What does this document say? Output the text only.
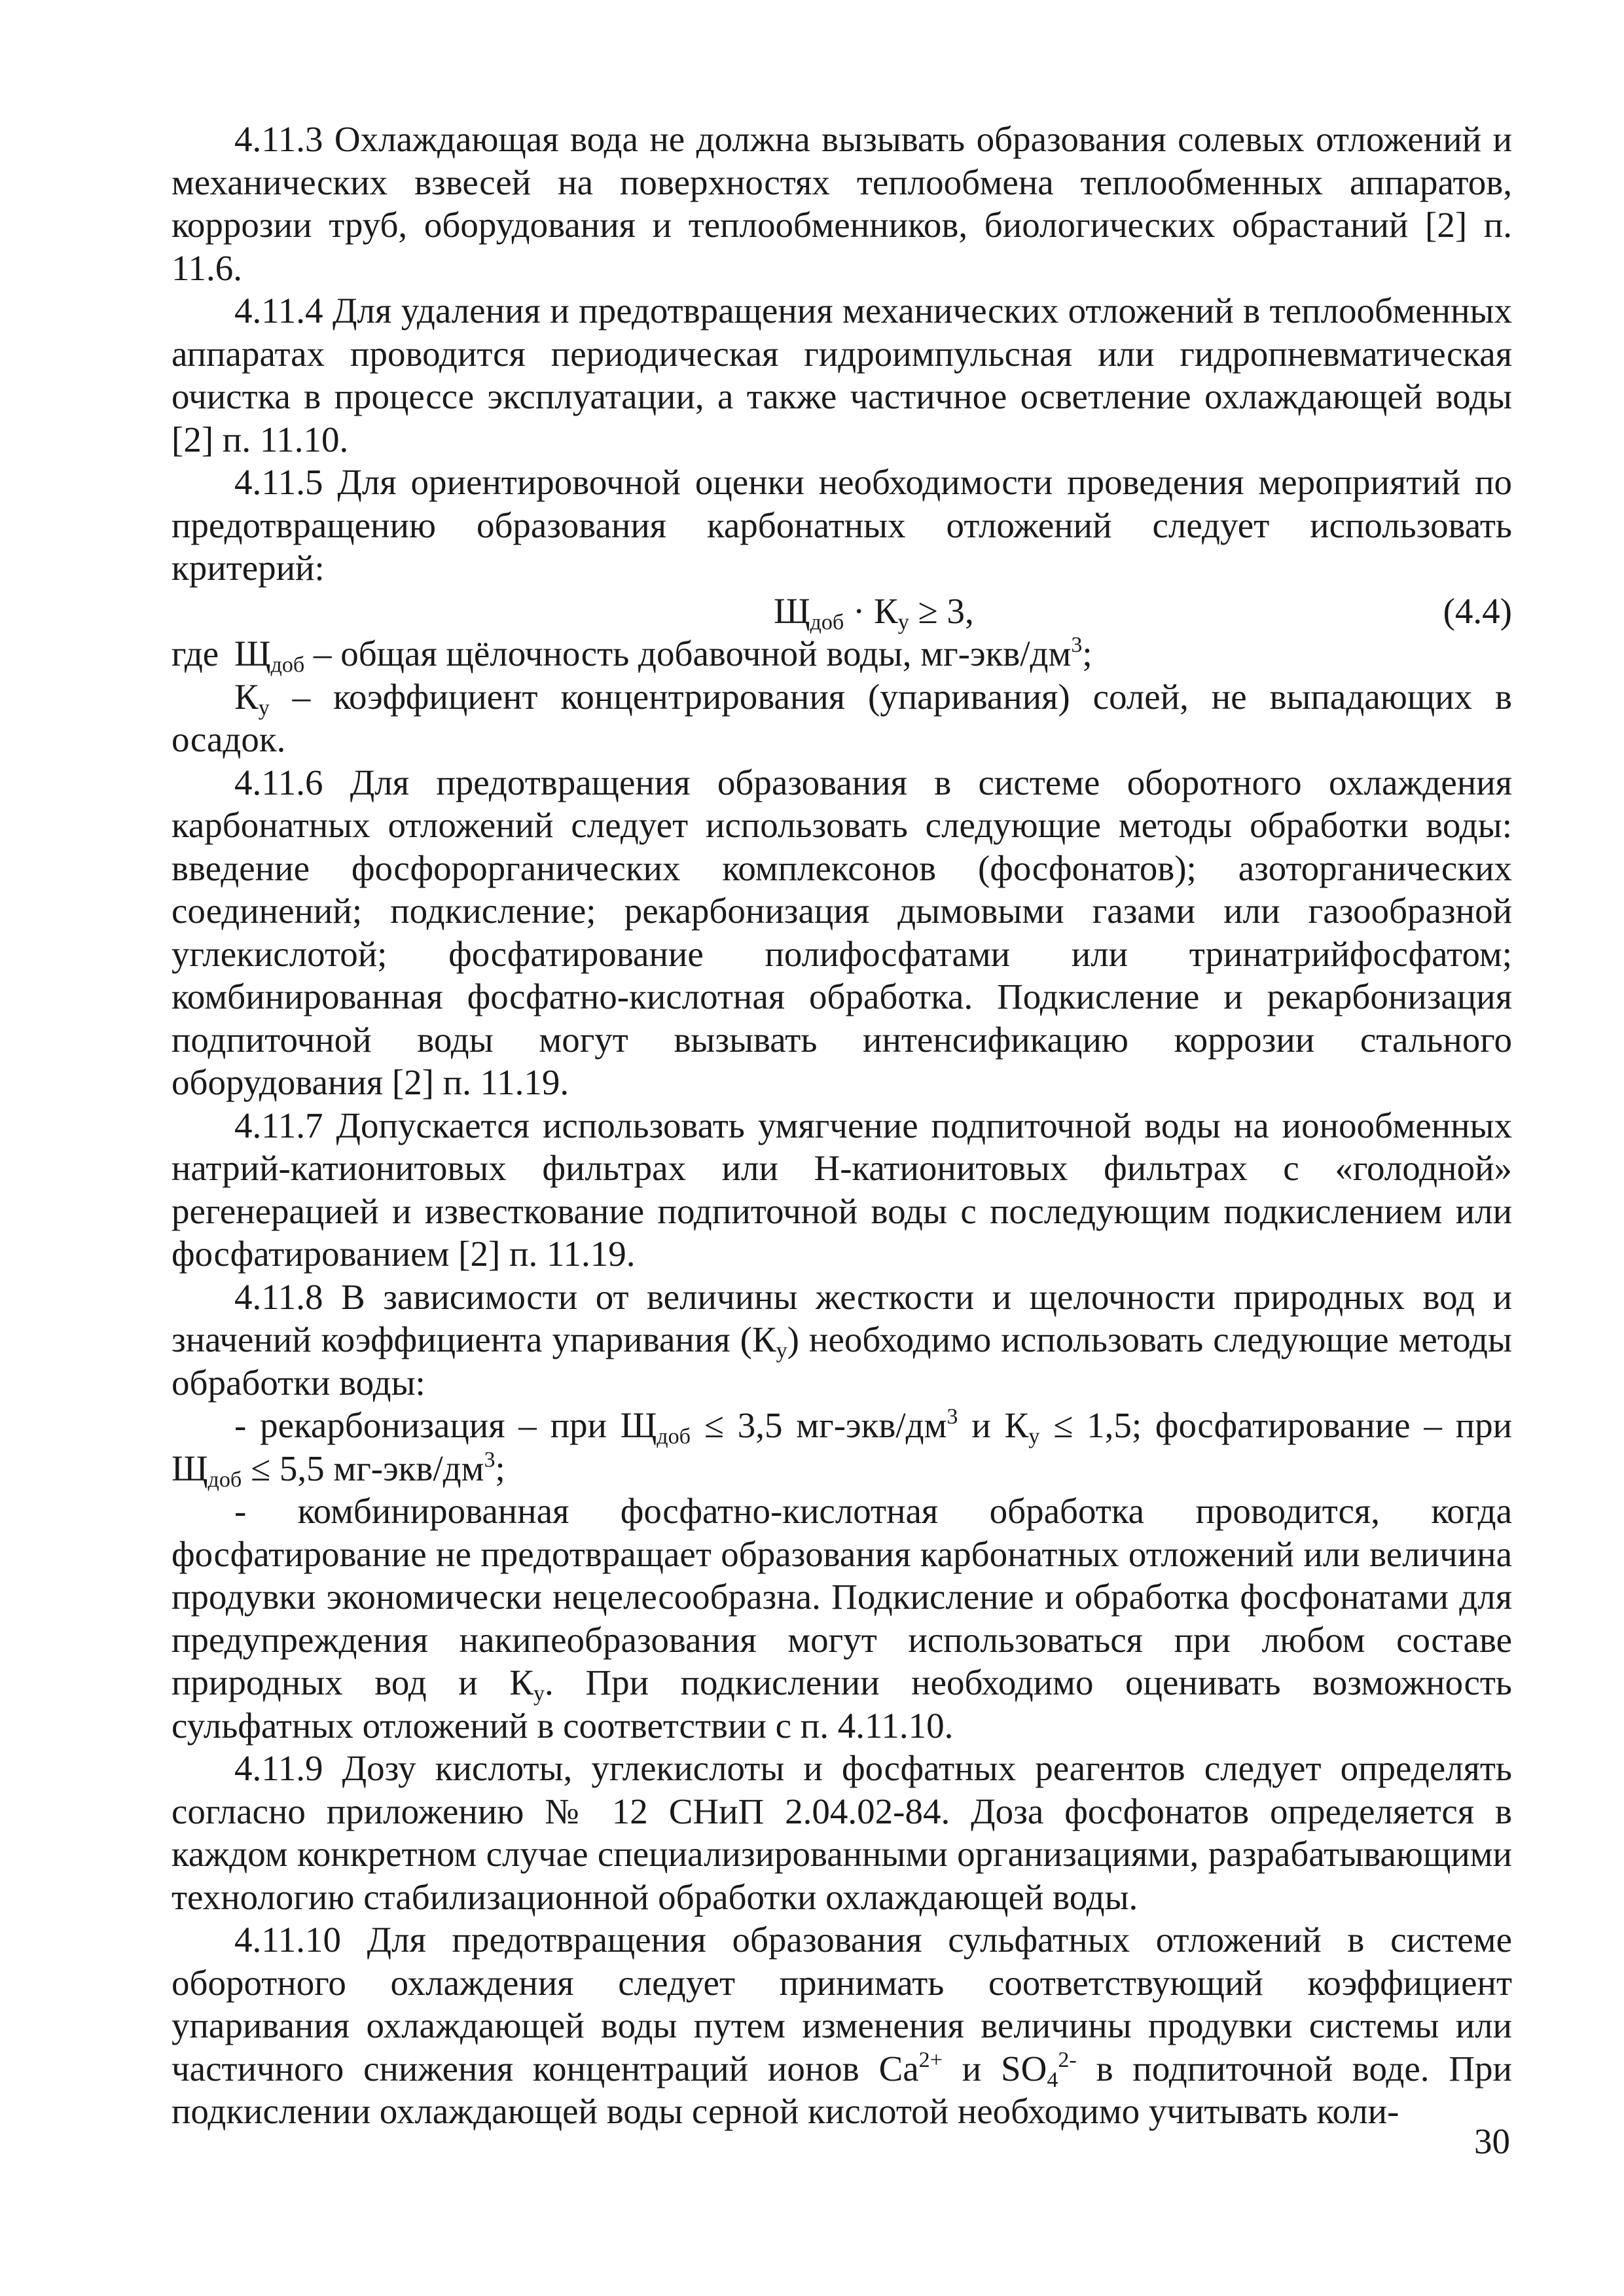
4.11.3 Охлаждающая вода не должна вызывать образования солевых отложений и механических взвесей на поверхностях теплообмена теплообменных аппаратов, коррозии труб, оборудования и теплообменников, биологических обрастаний [2] п. 11.6.

4.11.4 Для удаления и предотвращения механических отложений в теплообменных аппаратах проводится периодическая гидроимпульсная или гидропневматическая очистка в процессе эксплуатации, а также частичное осветление охлаждающей воды [2] п. 11.10.

4.11.5 Для ориентировочной оценки необходимости проведения мероприятий по предотвращению образования карбонатных отложений следует использовать критерий:

$Щ_{доб} \cdot К_у \ge 3$,	(4.4)

где $Щ_{доб}$ – общая щёлочность добавочной воды, $мг-экв/дм^3$;

$К_у$ – коэффициент концентрирования (упаривания) солей, не выпадающих в осадок.

4.11.6 Для предотвращения образования в системе оборотного охлаждения карбонатных отложений следует использовать следующие методы обработки воды: введение фосфорорганических комплексонов (фосфонатов); азоторганических соединений; подкисление; рекарбонизация дымовыми газами или газообразной углекислотой; фосфатирование полифосфатами или тринатрийфосфатом; комбинированная фосфатно-кислотная обработка. Подкисление и рекарбонизация подпиточной воды могут вызывать интенсификацию коррозии стального оборудования [2] п. 11.19.

4.11.7 Допускается использовать умягчение подпиточной воды на ионообменных натрий-катионитовых фильтрах или Н-катионитовых фильтрах с «голодной» регенерацией и известкование подпиточной воды с последующим подкислением или фосфатированием [2] п. 11.19.

4.11.8 В зависимости от величины жесткости и щелочности природных вод и значений коэффициента упаривания $(К_у)$ необходимо использовать следующие методы обработки воды:

- рекарбонизация – при $Щ_{доб} \le 3,5$ $мг-экв/дм^3$ и $К_у \le 1,5$; фосфатирование – при $Щ_{доб} \le 5,5$ $мг-экв/дм^3$;

- комбинированная фосфатно-кислотная обработка проводится, когда фосфатирование не предотвращает образования карбонатных отложений или величина продувки экономически нецелесообразна. Подкисление и обработка фосфонатами для предупреждения накипеобразования могут использоваться при любом составе природных вод и $К_у$. При подкислении необходимо оценивать возможность сульфатных отложений в соответствии с п. 4.11.10.

4.11.9 Дозу кислоты, углекислоты и фосфатных реагентов следует определять согласно приложению № 12 СНиП 2.04.02-84. Доза фосфонатов определяется в каждом конкретном случае специализированными организациями, разрабатывающими технологию стабилизационной обработки охлаждающей воды.

4.11.10 Для предотвращения образования сульфатных отложений в системе оборотного охлаждения следует принимать соответствующий коэффициент упаривания охлаждающей воды путем изменения величины продувки системы или частичного снижения концентраций ионов $Ca^{2+}$ и $SO_4^{2-}$ в подпиточной воде. При подкислении охлаждающей воды серной кислотой необходимо учитывать коли-

30
